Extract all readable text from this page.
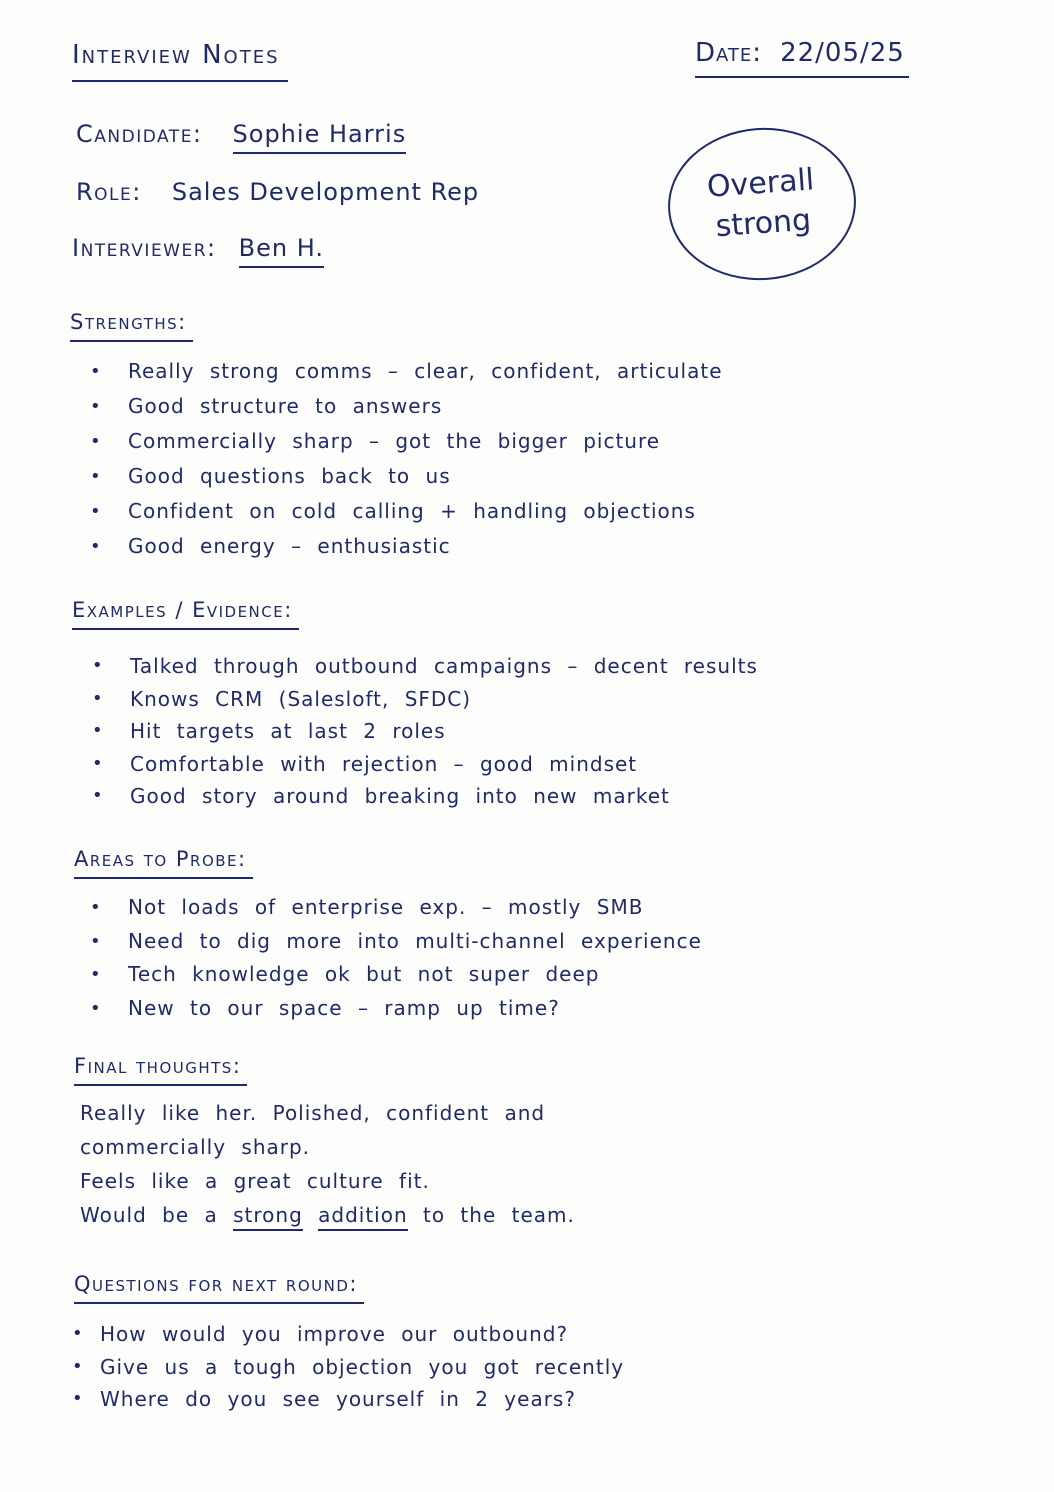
Interview Notes	Date: 22/05/25
Candidate: Sophie Harris
Role: Sales Development Rep
Interviewer: Ben H.
Overall
strong
Strengths:
• Really strong comms – clear, confident, articulate
• Good structure to answers
• Commercially sharp – got the bigger picture
• Good questions back to us
• Confident on cold calling + handling objections
• Good energy – enthusiastic
Examples / Evidence:
• Talked through outbound campaigns – decent results
• Knows CRM (Salesloft, SFDC)
• Hit targets at last 2 roles
• Comfortable with rejection – good mindset
• Good story around breaking into new market
Areas to Probe:
• Not loads of enterprise exp. – mostly SMB
• Need to dig more into multi-channel experience
• Tech knowledge ok but not super deep
• New to our space – ramp up time?
Final thoughts:

Really like her. Polished, confident and

commercially sharp.

Feels like a great culture fit.

Would be a strong addition to the team.

Questions for next round:
• How would you improve our outbound?
• Give us a tough objection you got recently
• Where do you see yourself in 2 years?
